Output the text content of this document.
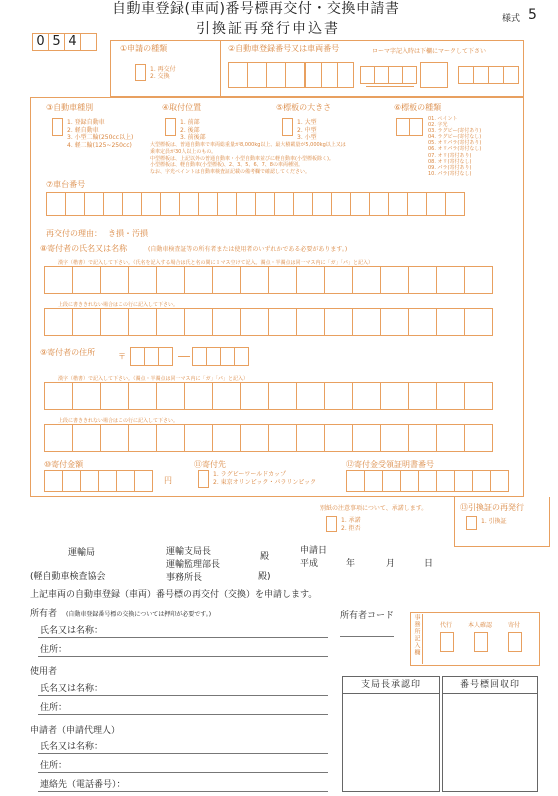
自動車登録(車両)番号標再交付・交換申請書
引換証再発行申込書
様式 5
0 5 4	①申請の種類
1. 再交付
2. 交換
②自動車登録番号又は車両番号	ローマ字記入時は下欄にマークして下さい
③自動車種別
1. 登録自動車
2. 軽自動車
3. 小型二輪(250cc以上)
4. 軽二輪(125~250cc)
④取付位置
1. 前部
2. 後部
3. 前後部
⑤標板の大きさ
1. 大型
2. 中型
3. 小型
⑥標板の種類
01. ペイント
02. 字光
03. ラグビー(寄付あり)
04. ラグビー(寄付なし)
05. オリパラ(寄付あり)
06. オリパラ(寄付なし)
07. オリ(寄付あり)
08. オリ(寄付なし)
09. パラ(寄付あり)
10. パラ(寄付なし)
大型標板は、普通自動車で車両総重量が8,000kg以上、最大積載量が5,000kg以上又は
乗車定員が30人以上のもの。
中型標板は、上記以外の普通自動車・小型自動車並びに軽自動車(小型標板除く)。
小型標板は、軽自動車(小型標板)、2、3、5、6、7、8の車両種別。
なお、字光ペイントは自動車検査証記載の備考欄で確認してください。
⑦車台番号
再交付の理由： き損・汚損
⑧寄付者の氏名又は名称	(自動車検査証等の所有者または使用者のいずれかである必要があります。)
漢字（楷書）で記入して下さい。（氏名を記入する場合は氏と名の間に１マス空けて記入。濁点・半濁点は同一マス内に「ガ」「パ」と記入）
上段に書ききれない場合はこの行に記入して下さい。
⑨寄付者の住所	〒
漢字（楷書）で記入して下さい。（濁点・半濁点は同一マス内に「ガ」「パ」と記入）
上段に書ききれない場合はこの行に記入して下さい。
⑩寄付金額
円
⑪寄付先
1. ラグビーワールドカップ
2. 東京オリンピック・パラリンピック
⑫寄付金受領証明書番号
別紙の注意事項について、承諾します。
1. 承諾
2. 拒否
⑬引換証の再発行
1. 引換証
運輸局
(軽自動車検査協会
運輸支局長
運輸監理部長
事務所長
殿
殿)
申請日
平成	年	月	日
上記車両の自動車登録（車両）番号標の再交付（交換）を申請します。
所有者 (自動車登録番号標の交換については押印が必要です。)
氏名又は名称：
住所：
所有者コード
使用者
氏名又は名称：
住所：
申請者（申請代理人）
氏名又は名称：
住所：
連絡先（電話番号）：
事務所記入欄	代行	本人確認	寄付
支局長承認印	番号標回収印
